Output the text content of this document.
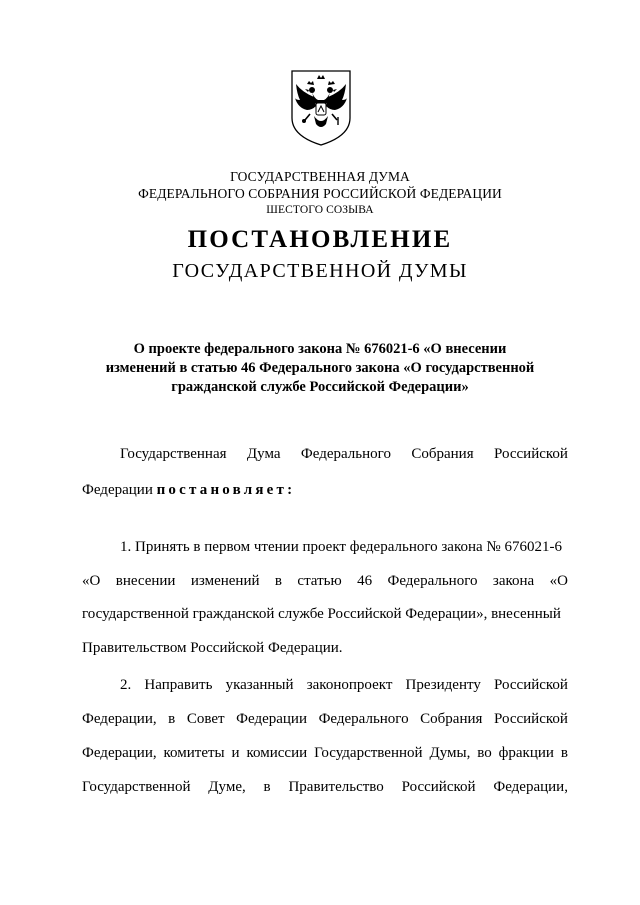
ГОСУДАРСТВЕННАЯ ДУМА
ФЕДЕРАЛЬНОГО СОБРАНИЯ РОССИЙСКОЙ ФЕДЕРАЦИИ
ШЕСТОГО СОЗЫВА
ПОСТАНОВЛЕНИЕ
ГОСУДАРСТВЕННОЙ ДУМЫ
О проекте федерального закона № 676021-6 «О внесении
изменений в статью 46 Федерального закона «О государственной
гражданской службе Российской Федерации»
Государственная Дума Федерального Собрания Российской
Федерации постановляет:
1. Принять в первом чтении проект федерального закона № 676021-6
«О внесении изменений в статью 46 Федерального закона «О
государственной гражданской службе Российской Федерации», внесенный
Правительством Российской Федерации.
2. Направить указанный законопроект Президенту Российской
Федерации, в Совет Федерации Федерального Собрания Российской
Федерации, комитеты и комиссии Государственной Думы, во фракции в
Государственной Думе, в Правительство Российской Федерации,
